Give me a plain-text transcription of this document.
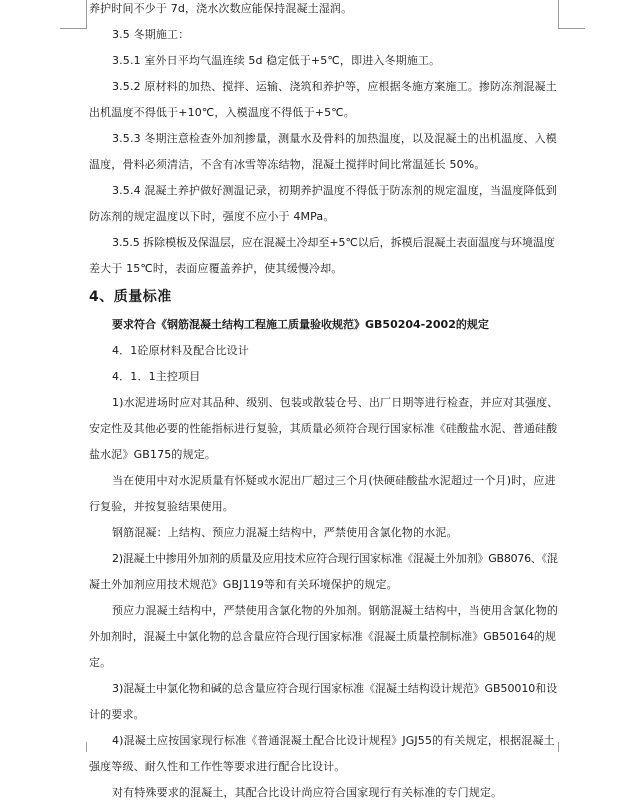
养护时间不少于 7d，浇水次数应能保持混凝土湿润。

3.5 冬期施工：

3.5.1 室外日平均气温连续 5d 稳定低于+5℃，即进入冬期施工。

3.5.2 原材料的加热、搅拌、运输、浇筑和养护等，应根据冬施方案施工。掺防冻剂混凝土

出机温度不得低于+10℃，入模温度不得低于+5℃。

3.5.3 冬期注意检查外加剂掺量，测量水及骨料的加热温度，以及混凝土的出机温度、入模

温度，骨料必须清洁，不含有冰雪等冻结物，混凝土搅拌时间比常温延长 50%。

3.5.4 混凝土养护做好测温记录，初期养护温度不得低于防冻剂的规定温度，当温度降低到

防冻剂的规定温度以下时，强度不应小于 4MPa。

3.5.5 拆除模板及保温层，应在混凝土冷却至+5℃以后，拆模后混凝土表面温度与环境温度

差大于 15℃时，表面应覆盖养护，使其缓慢冷却。

4、质量标准

要求符合《钢筋混凝土结构工程施工质量验收规范》GB50204-2002的规定

4．1砼原材料及配合比设计

4．1．1主控项目

1)水泥进场时应对其品种、级别、包装或散装仓号、出厂日期等进行检查，并应对其强度、

安定性及其他必要的性能指标进行复验，其质量必须符合现行国家标准《硅酸盐水泥、普通硅酸

盐水泥》GB175的规定。

当在使用中对水泥质量有怀疑或水泥出厂超过三个月(快硬硅酸盐水泥超过一个月)时，应进

行复验，并按复验结果使用。

钢筋混凝：上结构、预应力混凝土结构中，严禁使用含氯化物的水泥。

2)混凝土中掺用外加剂的质量及应用技术应符合现行国家标准《混凝土外加剂》GB8076、《混

凝土外加剂应用技术规范》GBJ119等和有关环境保护的规定。

预应力混凝土结构中，严禁使用含氯化物的外加剂。钢筋混凝土结构中，当使用含氯化物的

外加剂时，混凝土中氯化物的总含量应符合现行国家标准《混凝土质量控制标准》GB50164的规

定。

3)混凝土中氯化物和碱的总含量应符合现行国家标准《混凝土结构设计规范》GB50010和设

计的要求。

4)混凝土应按国家现行标准《普通混凝土配合比设计规程》JGJ55的有关规定，根据混凝土

强度等级、耐久性和工作性等要求进行配合比设计。

对有特殊要求的混凝土，其配合比设计尚应符合国家现行有关标准的专门规定。
